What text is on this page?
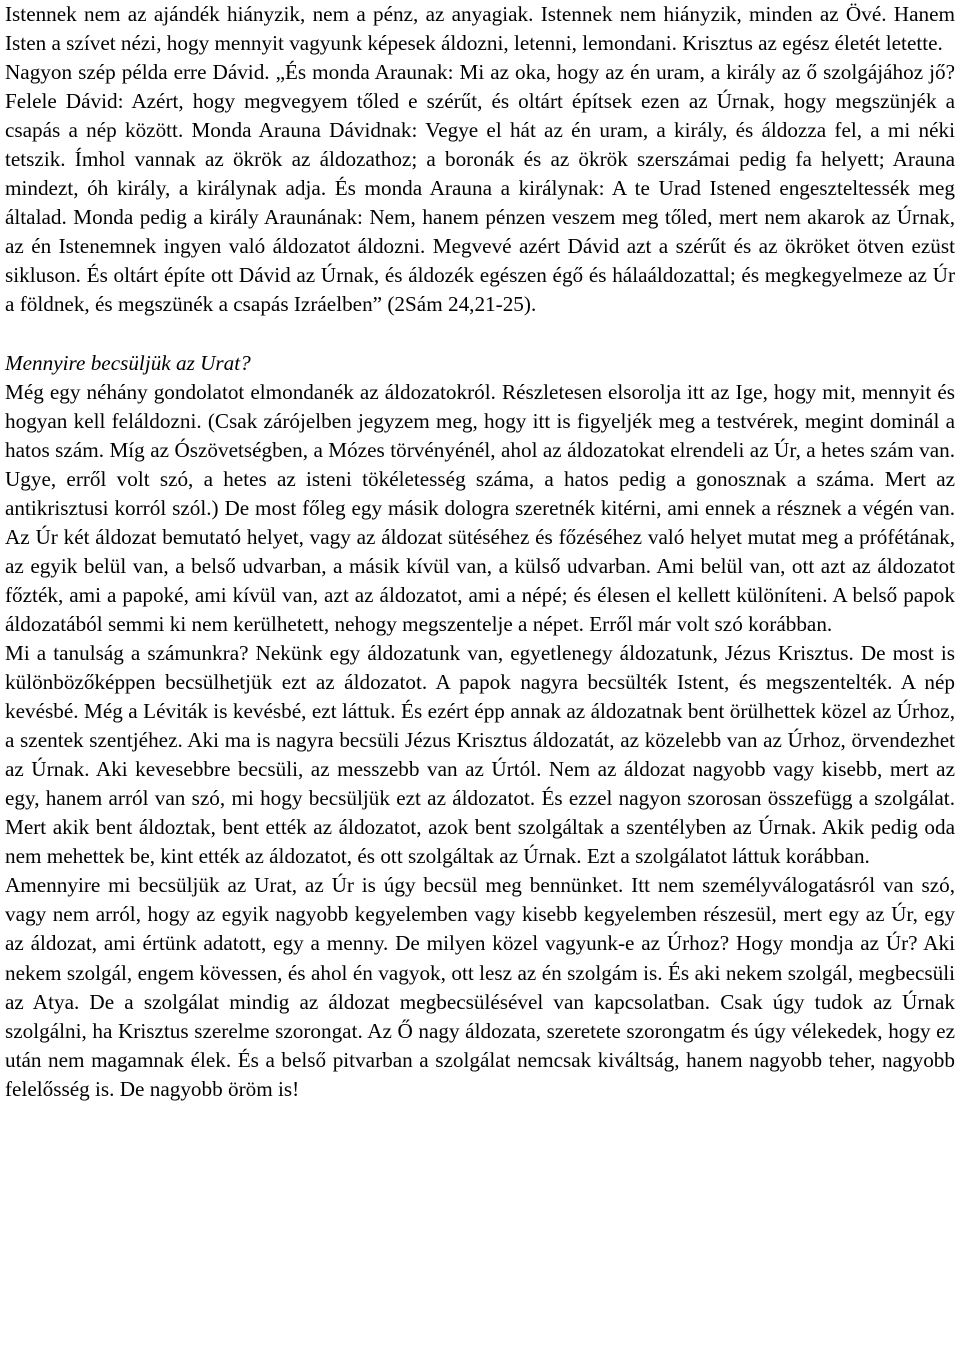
Istennek nem az ajándék hiányzik, nem a pénz, az anyagiak. Istennek nem hiányzik, minden az Övé. Hanem Isten a szívet nézi, hogy mennyit vagyunk képesek áldozni, letenni, lemondani. Krisztus az egész életét letette.

Nagyon szép példa erre Dávid. „És monda Araunak: Mi az oka, hogy az én uram, a király az ő szolgájához jő? Felele Dávid: Azért, hogy megvegyem tőled e szérűt, és oltárt építsek ezen az Úrnak, hogy megszünjék a csapás a nép között. Monda Arauna Dávidnak: Vegye el hát az én uram, a király, és áldozza fel, a mi néki tetszik. Ímhol vannak az ökrök az áldozathoz; a boronák és az ökrök szerszámai pedig fa helyett; Arauna mindezt, óh király, a királynak adja. És monda Arauna a királynak: A te Urad Istened engeszteltessék meg általad. Monda pedig a király Araunának: Nem, hanem pénzen veszem meg tőled, mert nem akarok az Úrnak, az én Istenemnek ingyen való áldozatot áldozni. Megvevé azért Dávid azt a szérűt és az ökröket ötven ezüst sikluson. És oltárt építe ott Dávid az Úrnak, és áldozék egészen égő és hálaáldozattal; és megkegyelmeze az Úr a földnek, és megszünék a csapás Izráelben” (2Sám 24,21-25).

Mennyire becsüljük az Urat?

Még egy néhány gondolatot elmondanék az áldozatokról. Részletesen elsorolja itt az Ige, hogy mit, mennyit és hogyan kell feláldozni. (Csak zárójelben jegyzem meg, hogy itt is figyeljék meg a testvérek, megint dominál a hatos szám. Míg az Ószövetségben, a Mózes törvényénél, ahol az áldozatokat elrendeli az Úr, a hetes szám van. Ugye, erről volt szó, a hetes az isteni tökéletesség száma, a hatos pedig a gonosznak a száma. Mert az antikrisztusi korról szól.) De most főleg egy másik dologra szeretnék kitérni, ami ennek a résznek a végén van. Az Úr két áldozat bemutató helyet, vagy az áldozat sütéséhez és főzéséhez való helyet mutat meg a prófétának, az egyik belül van, a belső udvarban, a másik kívül van, a külső udvarban. Ami belül van, ott azt az áldozatot főzték, ami a papoké, ami kívül van, azt az áldozatot, ami a népé; és élesen el kellett különíteni. A belső papok áldozatából semmi ki nem kerülhetett, nehogy megszentelje a népet. Erről már volt szó korábban.

Mi a tanulság a számunkra? Nekünk egy áldozatunk van, egyetlenegy áldozatunk, Jézus Krisztus. De most is különbözőképpen becsülhetjük ezt az áldozatot. A papok nagyra becsülték Istent, és megszentelték. A nép kevésbé. Még a Léviták is kevésbé, ezt láttuk. És ezért épp annak az áldozatnak bent örülhettek közel az Úrhoz, a szentek szentjéhez. Aki ma is nagyra becsüli Jézus Krisztus áldozatát, az közelebb van az Úrhoz, örvendezhet az Úrnak. Aki kevesebbre becsüli, az messzebb van az Úrtól. Nem az áldozat nagyobb vagy kisebb, mert az egy, hanem arról van szó, mi hogy becsüljük ezt az áldozatot. És ezzel nagyon szorosan összefügg a szolgálat. Mert akik bent áldoztak, bent ették az áldozatot, azok bent szolgáltak a szentélyben az Úrnak. Akik pedig oda nem mehettek be, kint ették az áldozatot, és ott szolgáltak az Úrnak. Ezt a szolgálatot láttuk korábban.

Amennyire mi becsüljük az Urat, az Úr is úgy becsül meg bennünket. Itt nem személyválogatásról van szó, vagy nem arról, hogy az egyik nagyobb kegyelemben vagy kisebb kegyelemben részesül, mert egy az Úr, egy az áldozat, ami értünk adatott, egy a menny. De milyen közel vagyunk-e az Úrhoz? Hogy mondja az Úr? Aki nekem szolgál, engem kövessen, és ahol én vagyok, ott lesz az én szolgám is. És aki nekem szolgál, megbecsüli az Atya. De a szolgálat mindig az áldozat megbecsülésével van kapcsolatban. Csak úgy tudok az Úrnak szolgálni, ha Krisztus szerelme szorongat. Az Ő nagy áldozata, szeretete szorongatm és úgy vélekedek, hogy ez után nem magamnak élek. És a belső pitvarban a szolgálat nemcsak kiváltság, hanem nagyobb teher, nagyobb felelősség is. De nagyobb öröm is!
